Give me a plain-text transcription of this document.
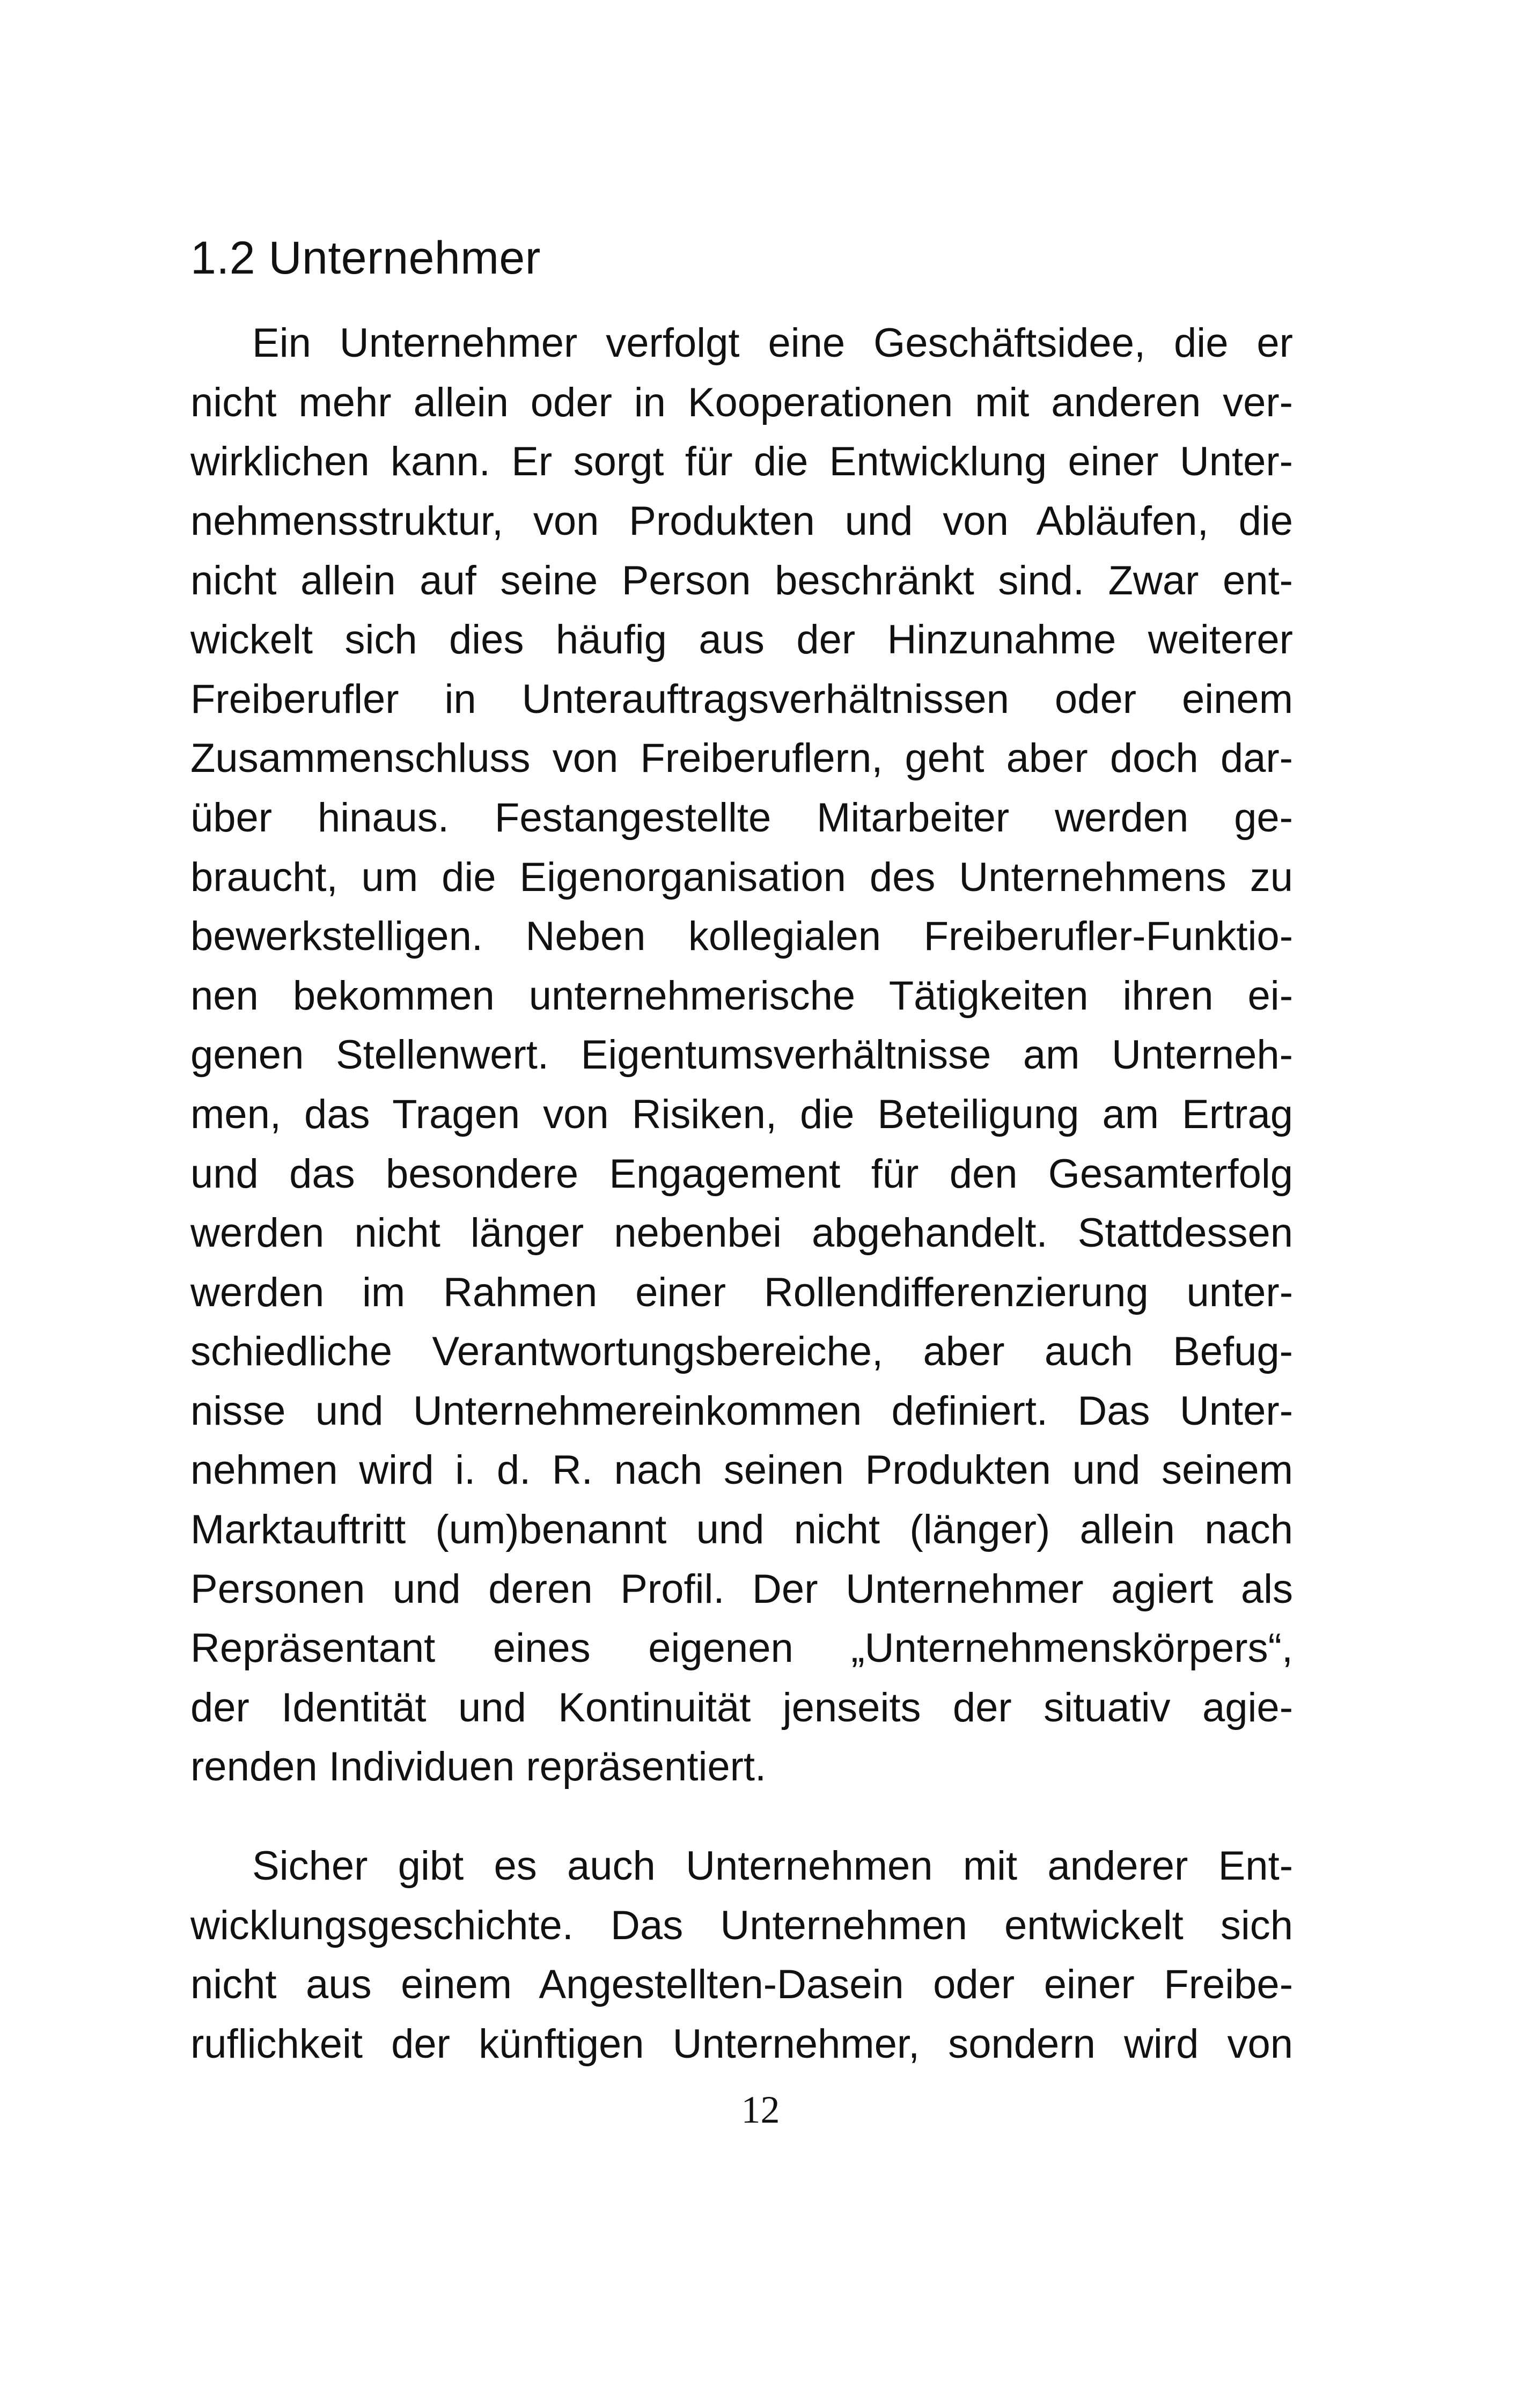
1.2 Unternehmer

Ein Unternehmer verfolgt eine Geschäftsidee, die er
nicht mehr allein oder in Kooperationen mit anderen ver-
wirklichen kann. Er sorgt für die Entwicklung einer Unter-
nehmensstruktur, von Produkten und von Abläufen, die
nicht allein auf seine Person beschränkt sind. Zwar ent-
wickelt sich dies häufig aus der Hinzunahme weiterer
Freiberufler in Unterauftragsverhältnissen oder einem
Zusammenschluss von Freiberuflern, geht aber doch dar-
über hinaus. Festangestellte Mitarbeiter werden ge-
braucht, um die Eigenorganisation des Unternehmens zu
bewerkstelligen. Neben kollegialen Freiberufler-Funktio-
nen bekommen unternehmerische Tätigkeiten ihren ei-
genen Stellenwert. Eigentumsverhältnisse am Unterneh-
men, das Tragen von Risiken, die Beteiligung am Ertrag
und das besondere Engagement für den Gesamterfolg
werden nicht länger nebenbei abgehandelt. Stattdessen
werden im Rahmen einer Rollendifferenzierung unter-
schiedliche Verantwortungsbereiche, aber auch Befug-
nisse und Unternehmereinkommen definiert. Das Unter-
nehmen wird i. d. R. nach seinen Produkten und seinem
Marktauftritt (um)benannt und nicht (länger) allein nach
Personen und deren Profil. Der Unternehmer agiert als
Repräsentant eines eigenen „Unternehmenskörpers“,
der Identität und Kontinuität jenseits der situativ agie-
renden Individuen repräsentiert.

Sicher gibt es auch Unternehmen mit anderer Ent-
wicklungsgeschichte. Das Unternehmen entwickelt sich
nicht aus einem Angestellten-Dasein oder einer Freibe-
ruflichkeit der künftigen Unternehmer, sondern wird von

12
